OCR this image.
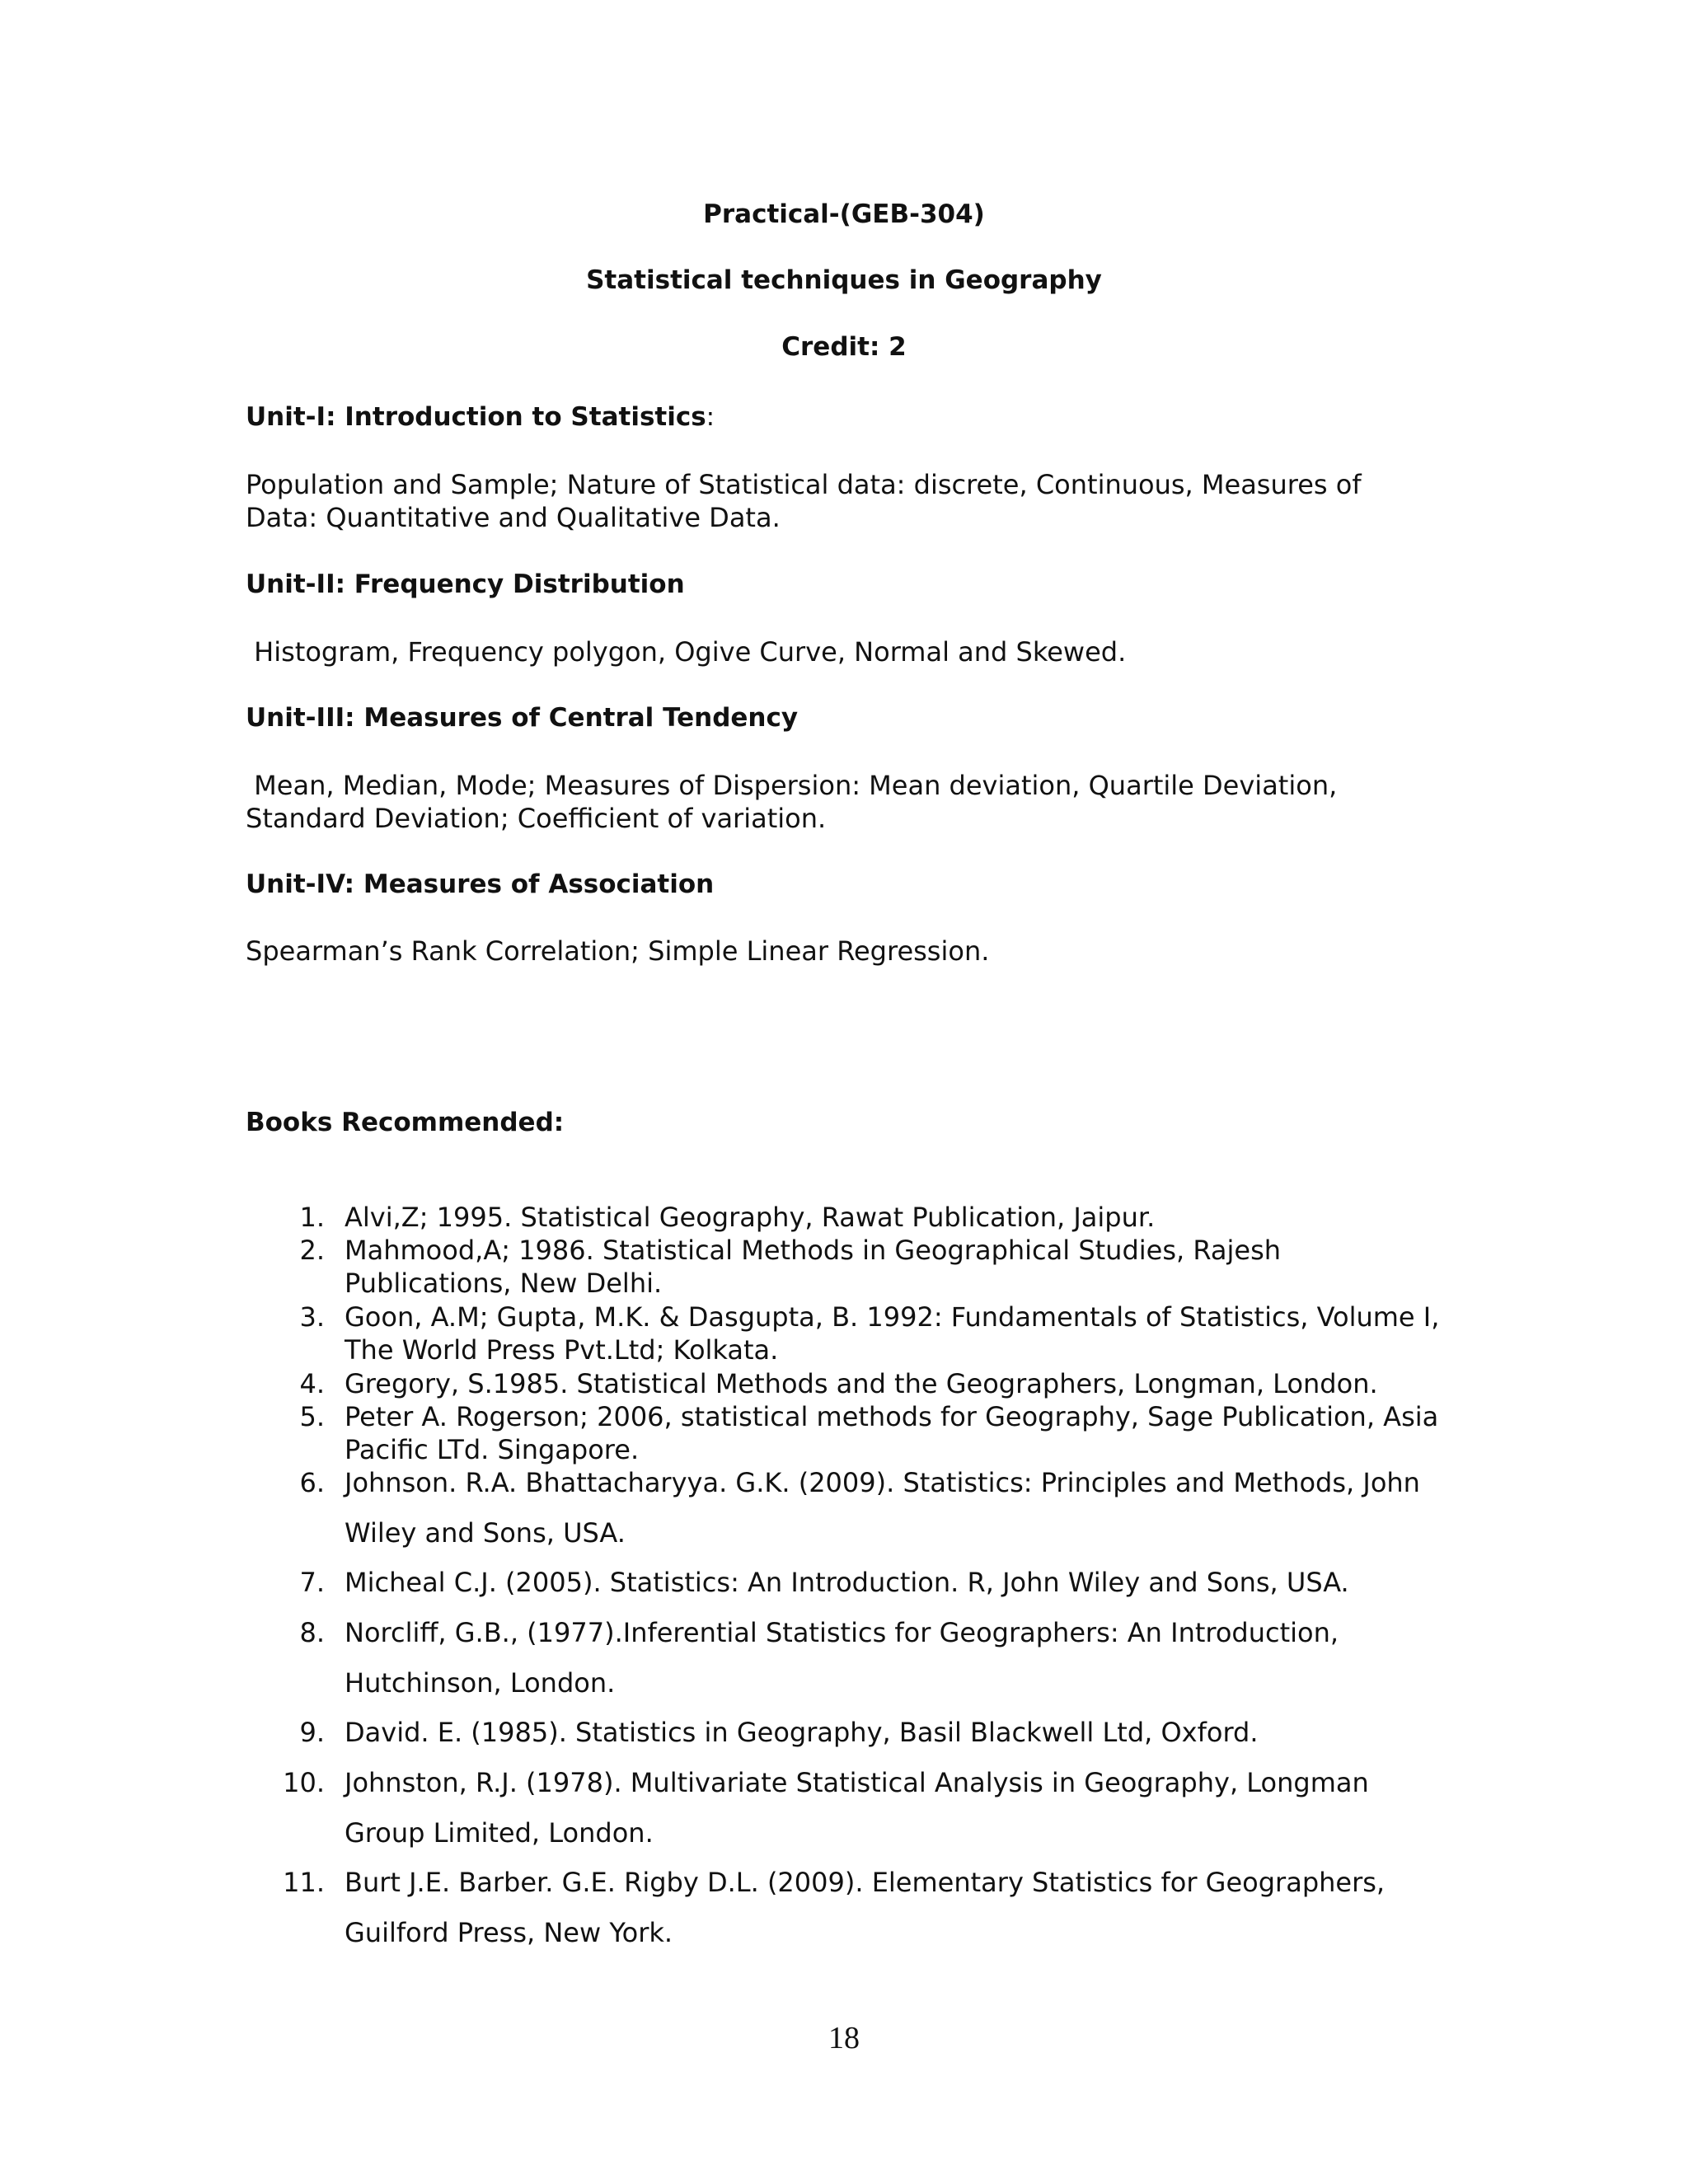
Practical-(GEB-304)
Statistical techniques in Geography
Credit: 2
Unit-I: Introduction to Statistics:
Population and Sample; Nature of Statistical data: discrete, Continuous, Measures of Data: Quantitative and Qualitative Data.
Unit-II: Frequency Distribution
Histogram, Frequency polygon, Ogive Curve, Normal and Skewed.
Unit-III: Measures of Central Tendency
Mean, Median, Mode; Measures of Dispersion: Mean deviation, Quartile Deviation, Standard Deviation; Coefficient of variation.
Unit-IV: Measures of Association
Spearman’s Rank Correlation; Simple Linear Regression.
Books Recommended:
1. Alvi,Z; 1995. Statistical Geography, Rawat Publication, Jaipur.
2. Mahmood,A; 1986. Statistical Methods in Geographical Studies, Rajesh Publications, New Delhi.
3. Goon, A.M; Gupta, M.K. & Dasgupta, B. 1992: Fundamentals of Statistics, Volume I, The World Press Pvt.Ltd; Kolkata.
4. Gregory, S.1985. Statistical Methods and the Geographers, Longman, London.
5. Peter A. Rogerson; 2006, statistical methods for Geography, Sage Publication, Asia Pacific LTd. Singapore.
6. Johnson. R.A. Bhattacharyya. G.K. (2009). Statistics: Principles and Methods, John Wiley and Sons, USA.
7. Micheal C.J. (2005). Statistics: An Introduction. R, John Wiley and Sons, USA.
8. Norcliff, G.B., (1977).Inferential Statistics for Geographers: An Introduction, Hutchinson, London.
9. David. E. (1985). Statistics in Geography, Basil Blackwell Ltd, Oxford.
10. Johnston, R.J. (1978). Multivariate Statistical Analysis in Geography, Longman Group Limited, London.
11. Burt J.E. Barber. G.E. Rigby D.L. (2009). Elementary Statistics for Geographers, Guilford Press, New York.
18
